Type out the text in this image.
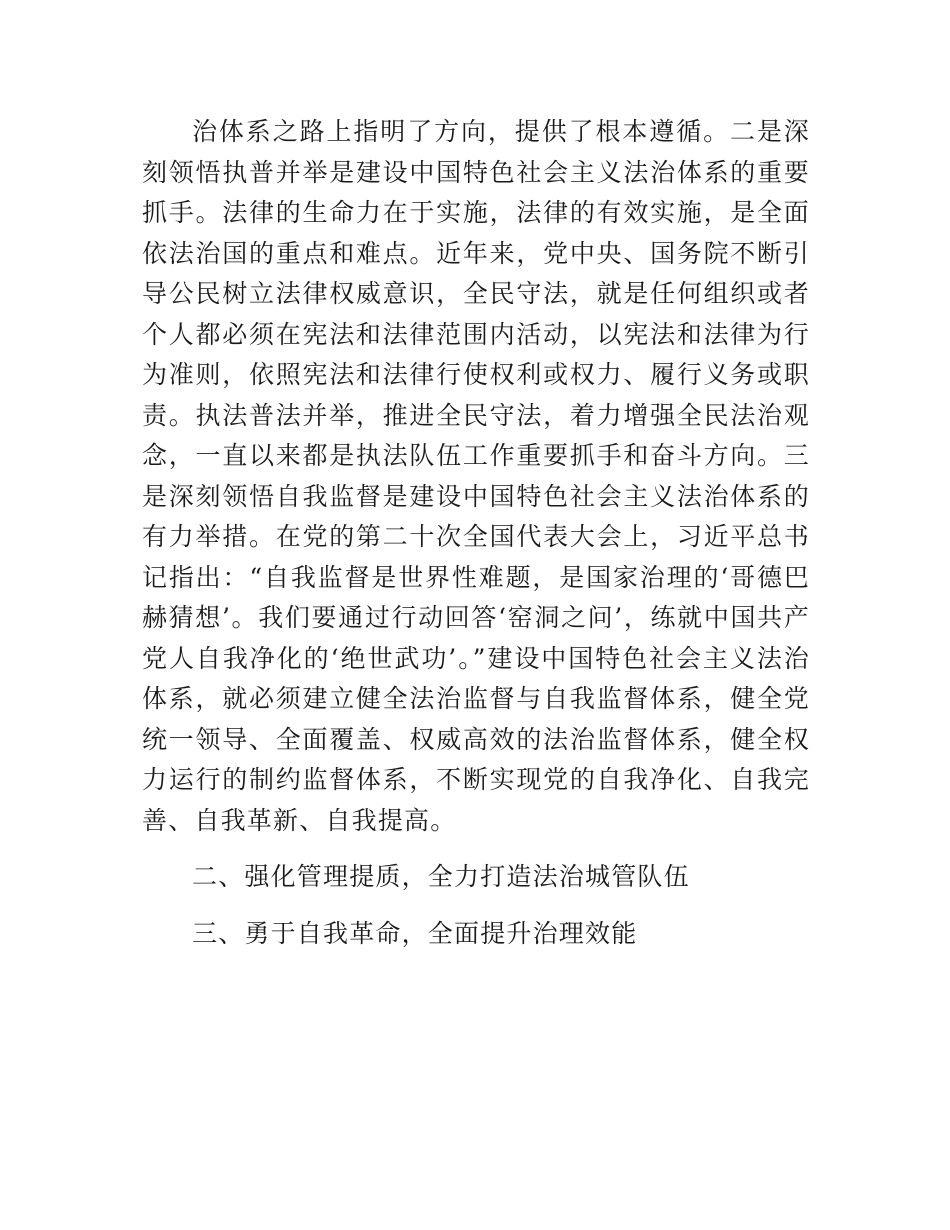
治体系之路上指明了方向，提供了根本遵循。二是深刻领悟执普并举是建设中国特色社会主义法治体系的重要抓手。法律的生命力在于实施，法律的有效实施，是全面依法治国的重点和难点。近年来，党中央、国务院不断引导公民树立法律权威意识，全民守法，就是任何组织或者个人都必须在宪法和法律范围内活动，以宪法和法律为行为准则，依照宪法和法律行使权利或权力、履行义务或职责。执法普法并举，推进全民守法，着力增强全民法治观念，一直以来都是执法队伍工作重要抓手和奋斗方向。三是深刻领悟自我监督是建设中国特色社会主义法治体系的有力举措。在党的第二十次全国代表大会上，习近平总书记指出：“自我监督是世界性难题，是国家治理的‘哥德巴赫猜想’。我们要通过行动回答‘窑洞之问’，练就中国共产党人自我净化的‘绝世武功’。”建设中国特色社会主义法治体系，就必须建立健全法治监督与自我监督体系，健全党统一领导、全面覆盖、权威高效的法治监督体系，健全权力运行的制约监督体系，不断实现党的自我净化、自我完善、自我革新、自我提高。

二、强化管理提质，全力打造法治城管队伍

三、勇于自我革命，全面提升治理效能
